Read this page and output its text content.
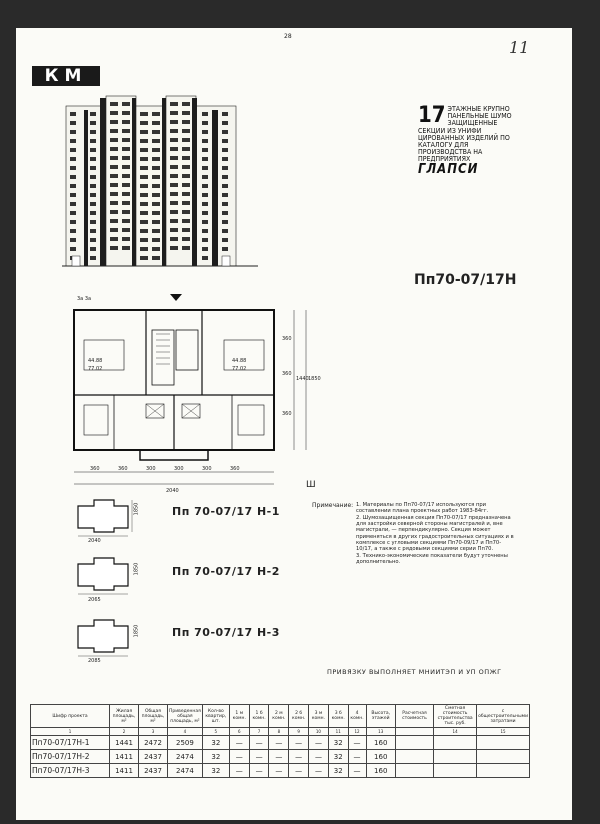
28
11
КМ
17 ЭТАЖНЫЕ КРУПНО ПАНЕЛЬНЫЕ ШУМО ЗАЩИЩЕННЫЕ СЕКЦИИ ИЗ УНИФИ ЦИРОВАННЫХ ИЗДЕЛИЙ ПО КАТАЛОГУ ДЛЯ ПРОИЗВОДСТВА НА ПРЕДПРИЯТИЯХ
ГЛАПСИ
Пп70-07/17Н
3а 3а
44.88
77.02
44.88
77.02
360	360	300	300	300	360
2040
360
360
360
1440 1850
Ш
2040
1850	Пп 70-07/17 Н-1
2065
1850	Пп 70-07/17 Н-2
2085
1850	Пп 70-07/17 Н-3
Примечание: 1. Материалы по Пп70-07/17 используются при составлении плана проектных работ 1983-84гг.
2. Шумозащищенная секция Пп70-07/17 предназначена для застройки северной стороны магистралей и, вне магистрали, — перпендикулярно. Секция может применяться в других градостроительных ситуациях и в комплексе с угловыми секциями Пп70-09/17 и Пп70-10/17, а также с рядовыми секциями серии Пп70.
3. Технико-экономические показатели будут уточнены дополнительно.
ПРИВЯЗКУ ВЫПОЛНЯЕТ МНИИТЭП И УП ОПЖГ
Шифр проекта	Жилая площадь, м²	Общая площадь, м²	Приведенная общая площадь, м²	Кол-во квартир, шт.	1 м комн.	1 б комн.	2 м комн.	2 б комн.	3 м комн.	3 б комн.	4 комн.	Высота, этажей	Расчетная стоимость	Сметная стоимость строительства тыс. руб.	с общестроительными затратами
1	2	3	4	5	6	7	8	9	10	11	12	13		14	15
Пп70-07/17Н-1	1441	2472	2509	32	—	—	—	—	—	32	—	160			
Пп70-07/17Н-2	1411	2437	2474	32	—	—	—	—	—	32	—	160			
Пп70-07/17Н-3	1411	2437	2474	32	—	—	—	—	—	32	—	160			
